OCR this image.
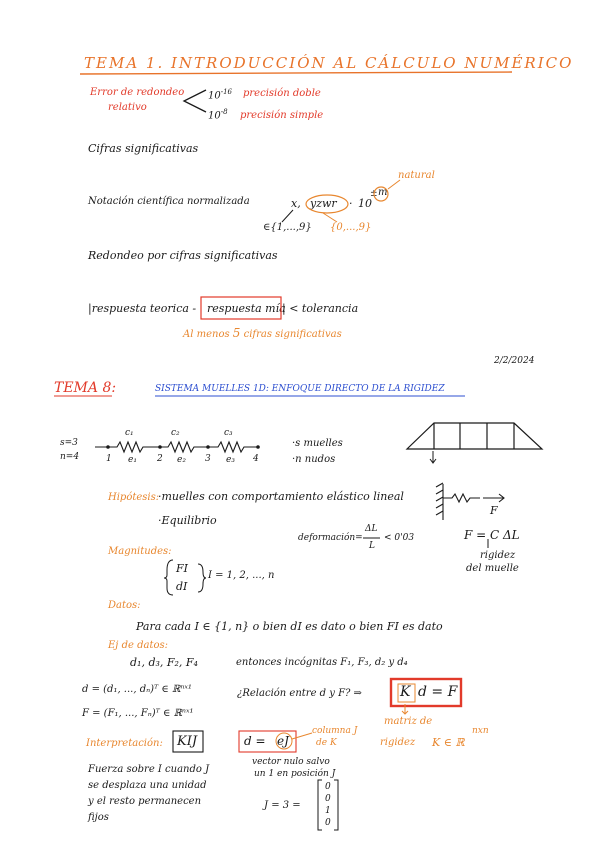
TEMA 1. INTRODUCCIÓN AL CÁLCULO NUMÉRICO
Error de redondeo
relativo
$10^{-16}$
$10^{-8}$
precisión doble
precisión simple
Cifras significativas
Notación científica normalizada	x, yzwr · 10
± m
natural
∈{1,...,9} {0,...,9}
Redondeo por cifras significativas
|respuesta teorica - respuesta mía
| < tolerancia
Al menos 5 cifras significativas
2/2/2024
TEMA 8:	SISTEMA MUELLES 1D: ENFOQUE DIRECTO DE LA RIGIDEZ
s=3
n=4
c₁	c₂	c₃
1	2	3	4
e₁	e₂	e₃
·s muelles
·n nudos
Hipótesis:
·muelles con comportamiento elástico lineal
·Equilibrio
deformación=
ΔL
L
< 0'03
F
F = C ΔL
rigidez
del muelle
Magnitudes:
FI
dI
I = 1, 2, ..., n
Datos:
Para cada I ∈ {1, n} o bien dI es dato o bien FI es dato
Ej de datos:
d₁, d₃, F₂, F₄	entonces incógnitas F₁, F₃, d₂ y d₄
d = (d₁, ..., dₙ)ᵀ ∈ ℝⁿˣ¹
F = (F₁, ..., Fₙ)ᵀ ∈ ℝⁿˣ¹
¿Relación entre d y F? ⇒	K d = F
matriz de
rigidez K ∈ ℝ
nxn
Interpretación: KIJ	d = eJ
columna J
de K
vector nulo salvo
un 1 en posición J
Fuerza sobre I cuando J
se desplaza una unidad
y el resto permanecen
fijos
J = 3 =
0
0
1
0
